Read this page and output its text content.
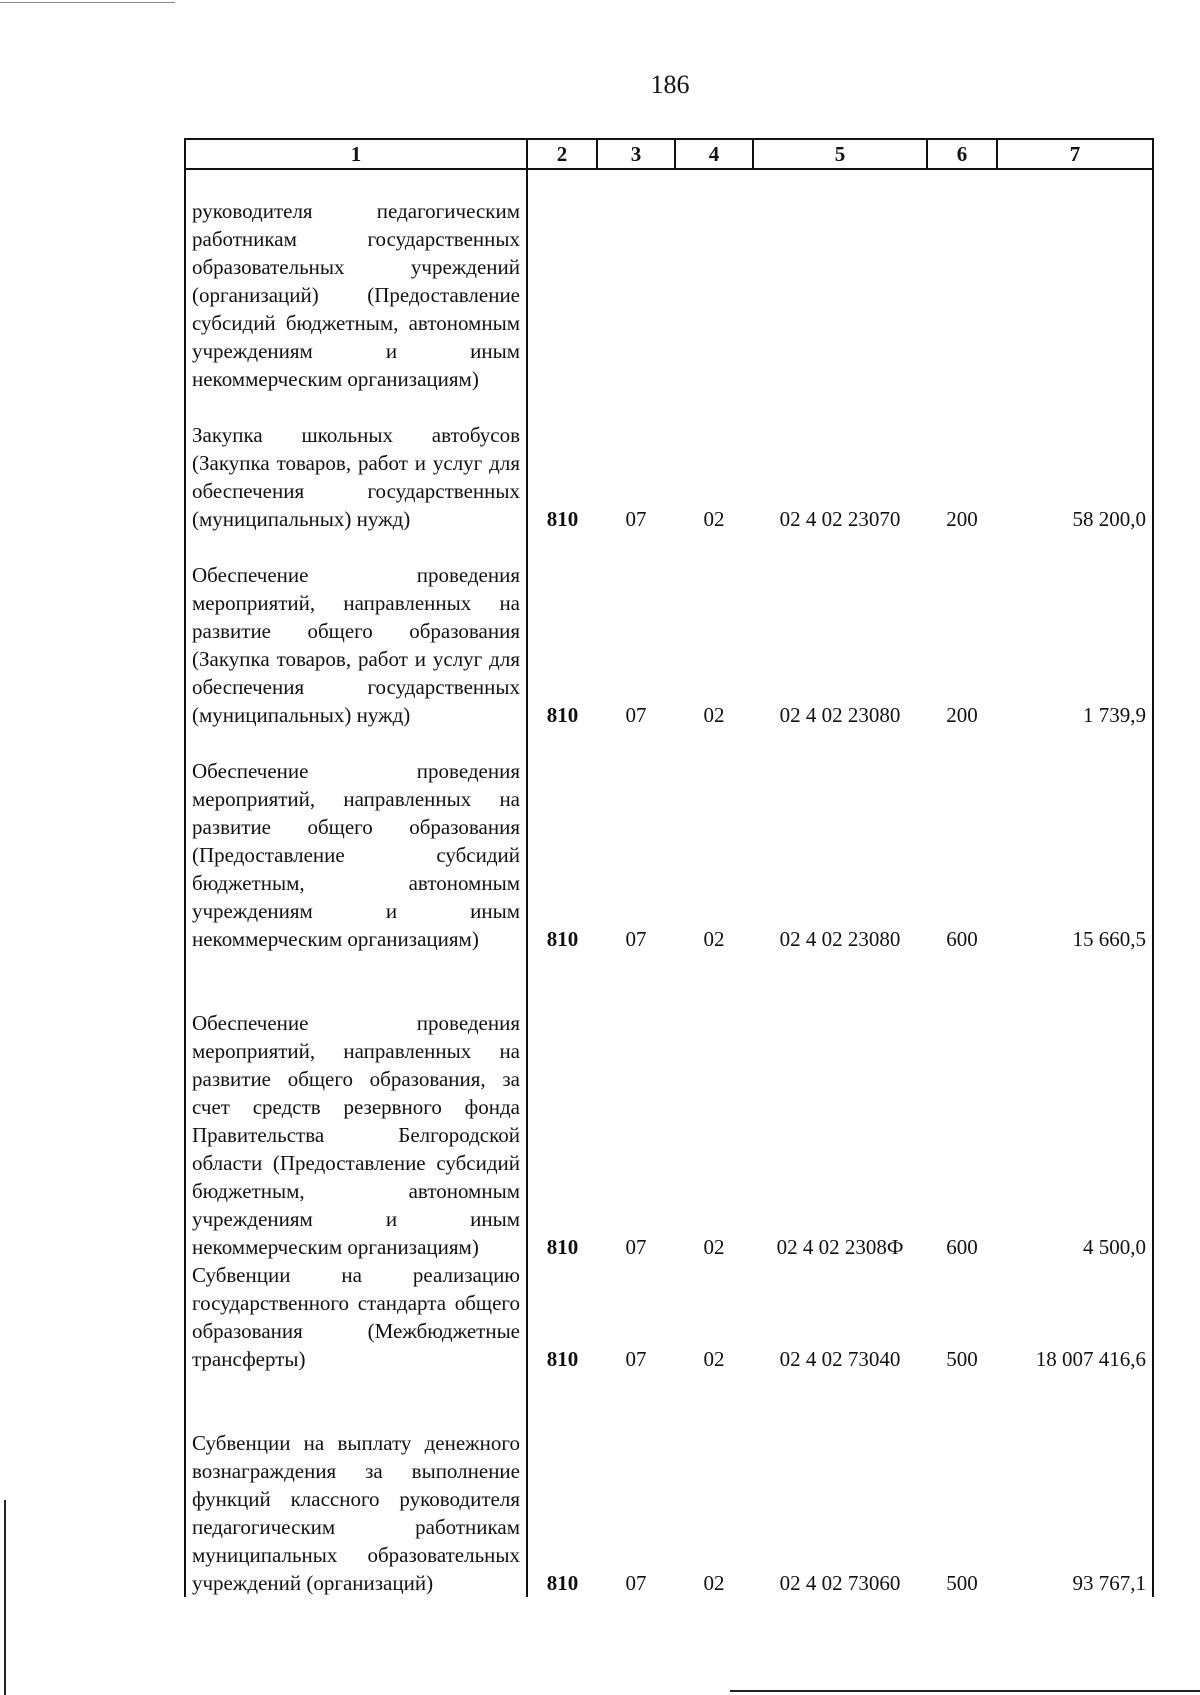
186
1	2	3	4	5	6	7
руководителя педагогическим работникам государственных образовательных учреждений (организаций) (Предоставление субсидий бюджетным, автономным учреждениям и иным некоммерческим организациям)						
Закупка школьных автобусов (Закупка товаров, работ и услуг для обеспечения государственных (муниципальных) нужд)	810	07	02	02 4 02 23070	200	58 200,0
Обеспечение проведения мероприятий, направленных на развитие общего образования (Закупка товаров, работ и услуг для обеспечения государственных (муниципальных) нужд)	810	07	02	02 4 02 23080	200	1 739,9
Обеспечение проведения мероприятий, направленных на развитие общего образования (Предоставление субсидий бюджетным, автономным учреждениям и иным некоммерческим организациям)	810	07	02	02 4 02 23080	600	15 660,5
Обеспечение проведения мероприятий, направленных на развитие общего образования, за счет средств резервного фонда Правительства Белгородской области (Предоставление субсидий бюджетным, автономным учреждениям и иным некоммерческим организациям)	810	07	02	02 4 02 2308Ф	600	4 500,0
Субвенции на реализацию государственного стандарта общего образования (Межбюджетные трансферты)	810	07	02	02 4 02 73040	500	18 007 416,6
Субвенции на выплату денежного вознаграждения за выполнение функций классного руководителя педагогическим работникам муниципальных образовательных учреждений (организаций)	810	07	02	02 4 02 73060	500	93 767,1
